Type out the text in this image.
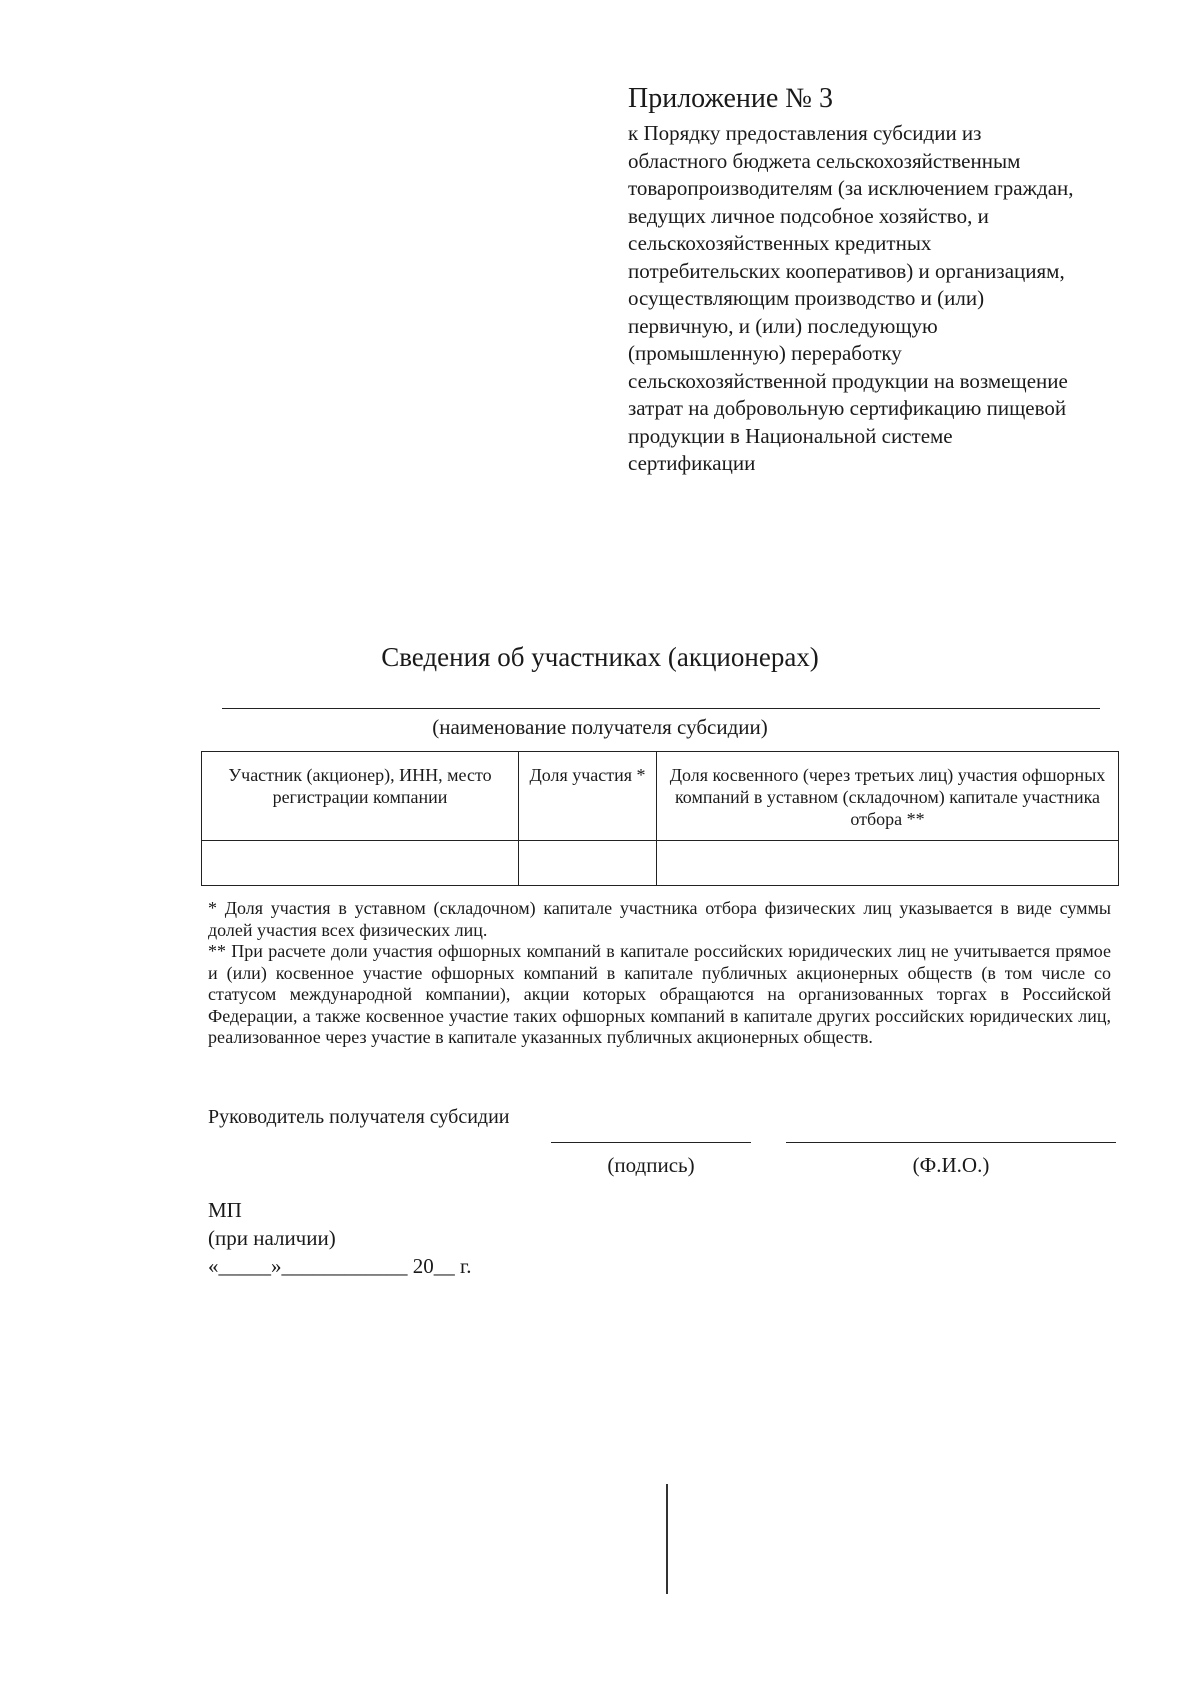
Приложение № 3
к Порядку предоставления субсидии из
областного бюджета сельскохозяйственным
товаропроизводителям (за исключением граждан,
ведущих личное подсобное хозяйство, и
сельскохозяйственных кредитных
потребительских кооперативов) и организациям,
осуществляющим производство и (или)
первичную, и (или) последующую
(промышленную) переработку
сельскохозяйственной продукции на возмещение
затрат на добровольную сертификацию пищевой
продукции в Национальной системе
сертификации
Сведения об участниках (акционерах)
(наименование получателя субсидии)
Участник (акционер), ИНН, место регистрации компании	Доля участия *	Доля косвенного (через третьих лиц) участия офшорных компаний в уставном (складочном) капитале участника отбора **

* Доля участия в уставном (складочном) капитале участника отбора физических лиц указывается в виде суммы долей участия всех физических лиц.

** При расчете доли участия офшорных компаний в капитале российских юридических лиц не учитывается прямое и (или) косвенное участие офшорных компаний в капитале публичных акционерных обществ (в том числе со статусом международной компании), акции которых обращаются на организованных торгах в Российской Федерации, а также косвенное участие таких офшорных компаний в капитале других российских юридических лиц, реализованное через участие в капитале указанных публичных акционерных обществ.

Руководитель получателя субсидии
(подпись)	(Ф.И.О.)
МП
(при наличии)
«_____»____________ 20__ г.
